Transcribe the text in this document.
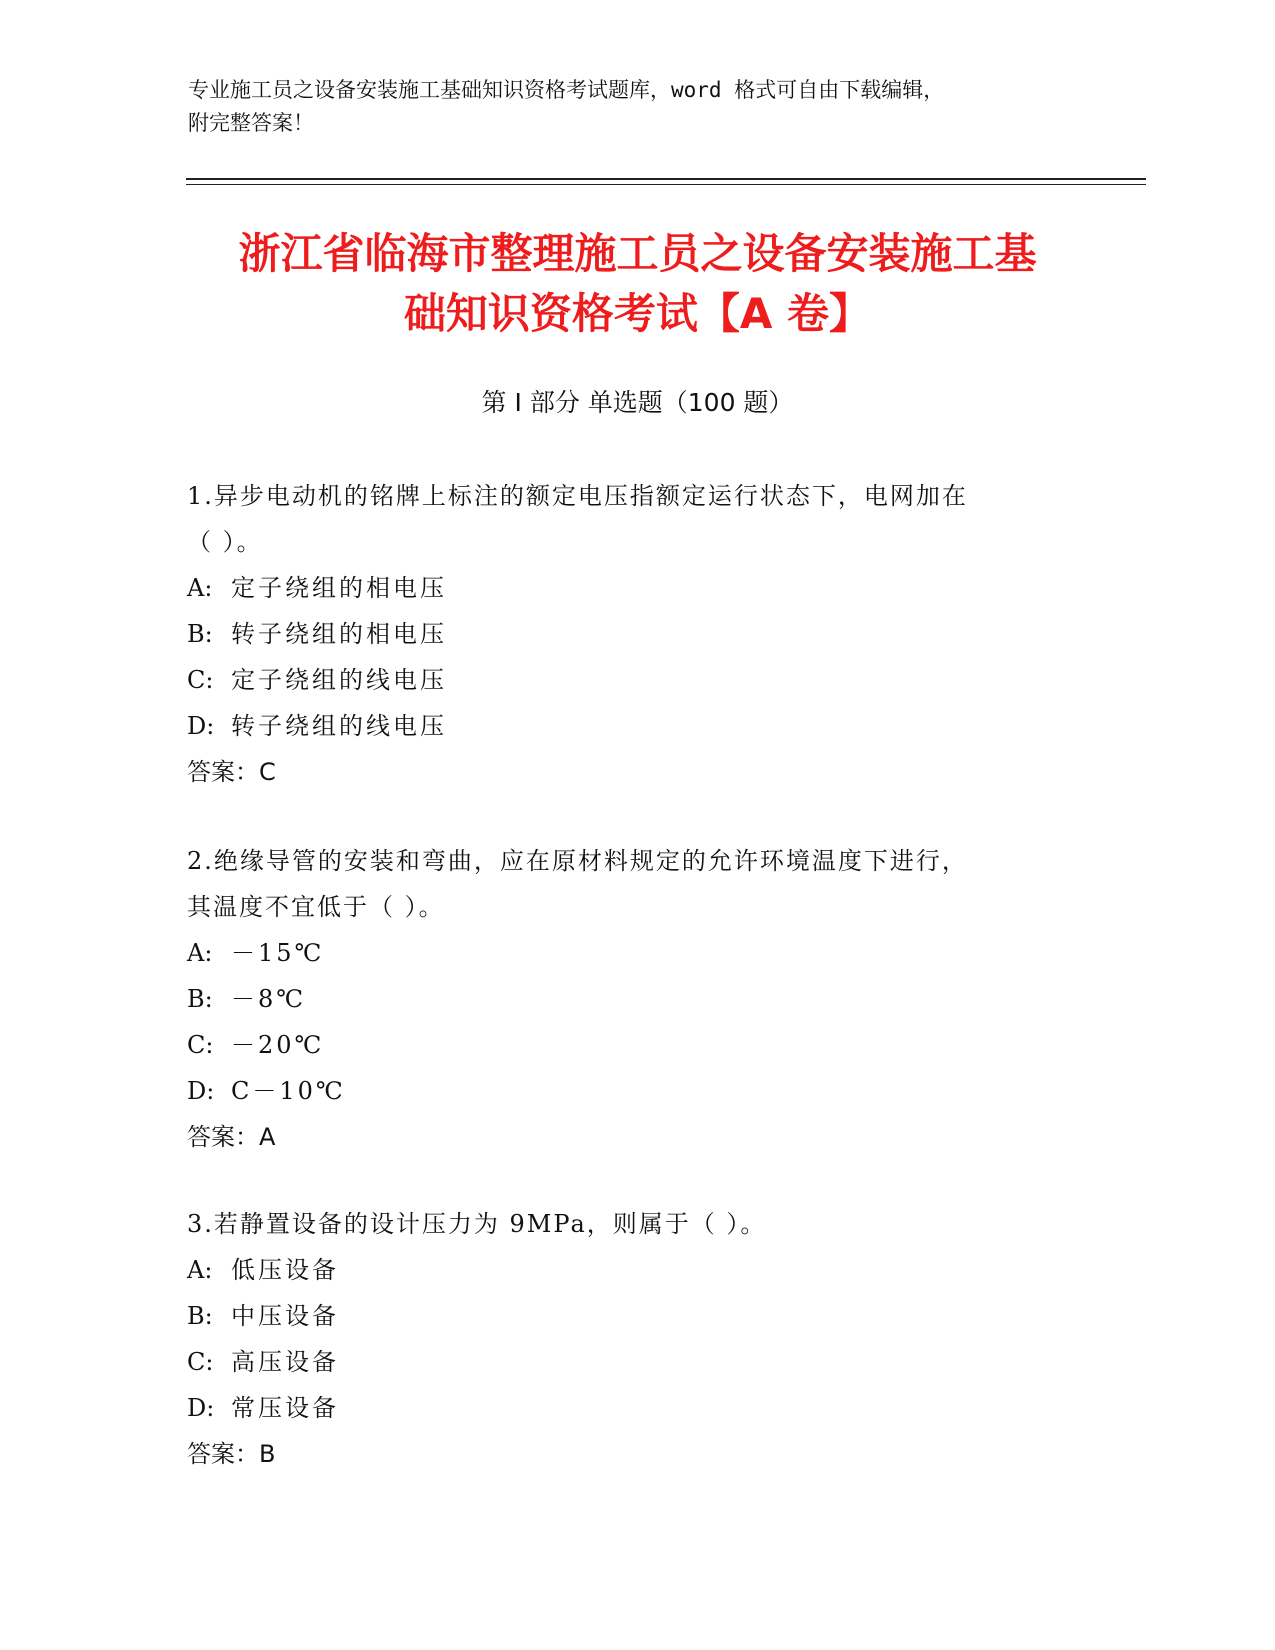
专业施工员之设备安装施工基础知识资格考试题库，word 格式可自由下载编辑，
附完整答案！
浙江省临海市整理施工员之设备安装施工基
础知识资格考试【A 卷】
第 I 部分 单选题（100 题）
1.异步电动机的铭牌上标注的额定电压指额定运行状态下，电网加在
（ ）。
A: 定子绕组的相电压
B: 转子绕组的相电压
C: 定子绕组的线电压
D: 转子绕组的线电压
答案：C
2.绝缘导管的安装和弯曲，应在原材料规定的允许环境温度下进行，
其温度不宜低于（ ）。
A: －15℃
B: －8℃
C: －20℃
D: C－10℃
答案：A
3.若静置设备的设计压力为 9MPa，则属于（ ）。
A: 低压设备
B: 中压设备
C: 高压设备
D: 常压设备
答案：B
